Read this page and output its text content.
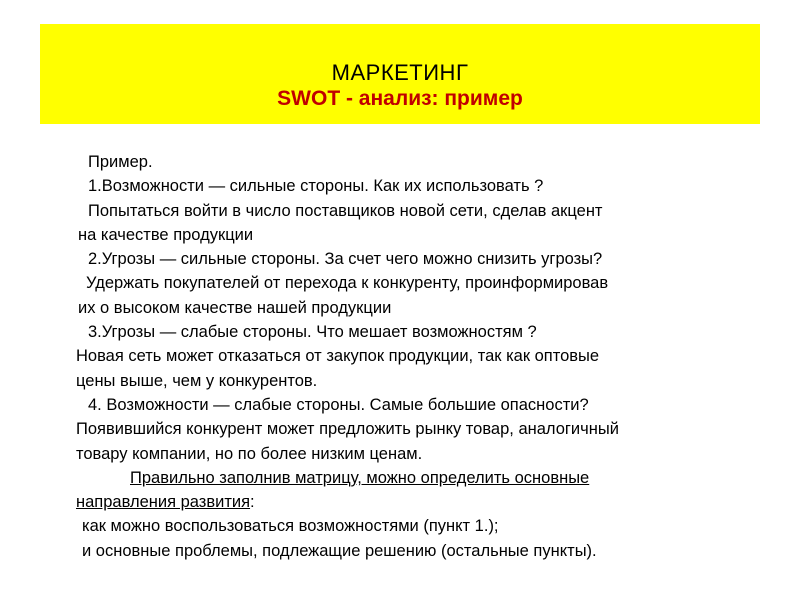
МАРКЕТИНГ
SWOT - анализ: пример
Пример.
1.Возможности — сильные стороны. Как их использовать ?
Попытаться войти в число поставщиков новой сети, сделав акцент
на качестве продукции
2.Угрозы — сильные стороны. За счет чего можно снизить угрозы?
Удержать покупателей от перехода к конкуренту, проинформировав
их о высоком качестве нашей продукции
3.Угрозы — слабые стороны. Что мешает возможностям ?
Новая сеть может отказаться от закупок продукции, так как оптовые
цены выше, чем у конкурентов.
4. Возможности — слабые стороны. Самые большие опасности?
Появившийся конкурент может предложить рынку товар, аналогичный
товару компании, но по более низким ценам.
Правильно заполнив матрицу, можно определить основные
направления развития:
как можно воспользоваться возможностями (пункт 1.);
и основные проблемы, подлежащие решению (остальные пункты).
